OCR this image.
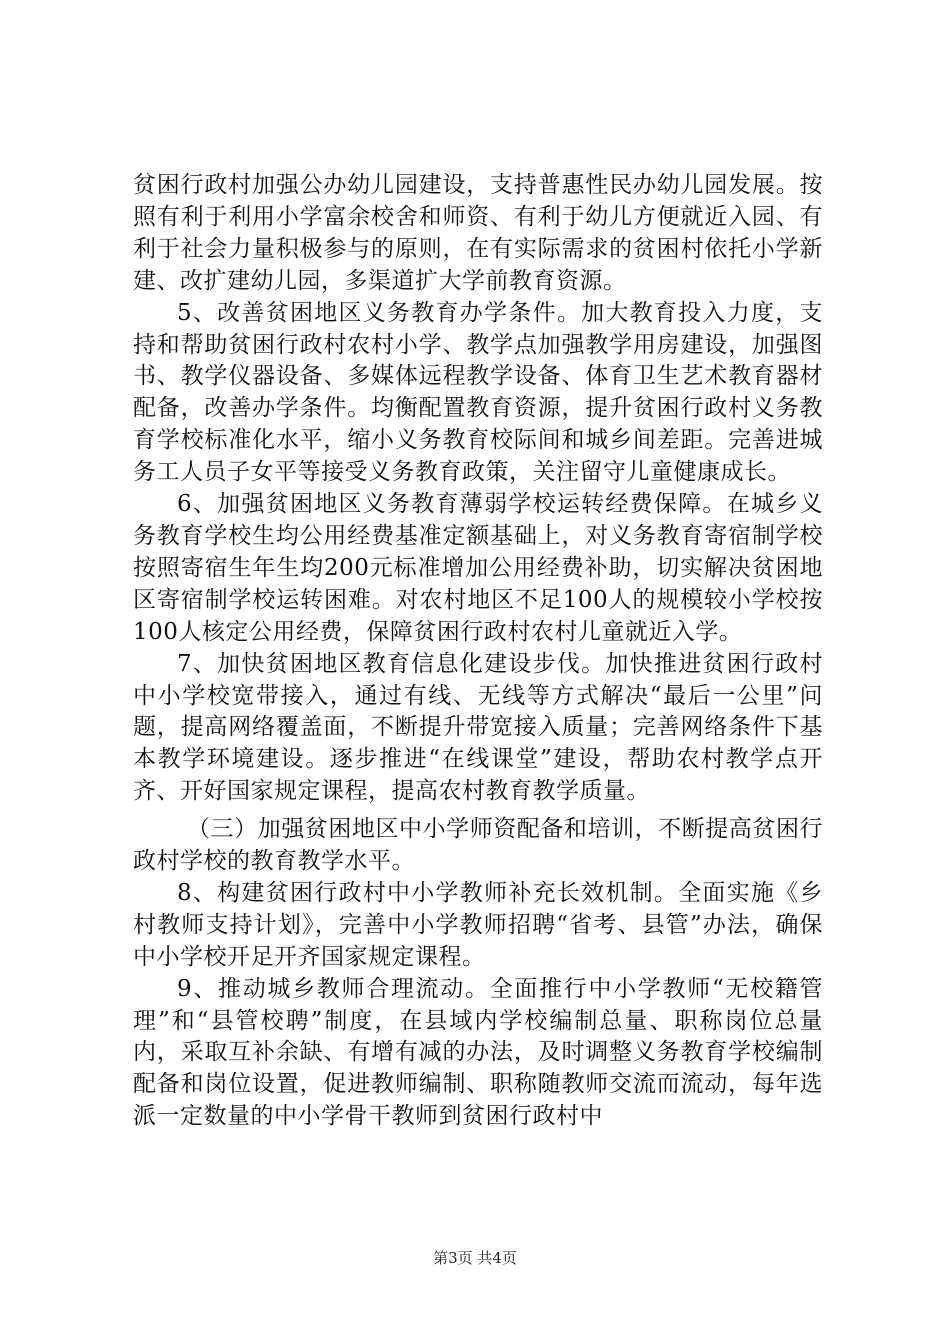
贫困行政村加强公办幼儿园建设，支持普惠性民办幼儿园发展。按照有利于利用小学富余校舍和师资、有利于幼儿方便就近入园、有利于社会力量积极参与的原则，在有实际需求的贫困村依托小学新建、改扩建幼儿园，多渠道扩大学前教育资源。

5、改善贫困地区义务教育办学条件。加大教育投入力度，支持和帮助贫困行政村农村小学、教学点加强教学用房建设，加强图书、教学仪器设备、多媒体远程教学设备、体育卫生艺术教育器材配备，改善办学条件。均衡配置教育资源，提升贫困行政村义务教育学校标准化水平，缩小义务教育校际间和城乡间差距。完善进城务工人员子女平等接受义务教育政策，关注留守儿童健康成长。

6、加强贫困地区义务教育薄弱学校运转经费保障。在城乡义务教育学校生均公用经费基准定额基础上，对义务教育寄宿制学校按照寄宿生年生均200元标准增加公用经费补助，切实解决贫困地区寄宿制学校运转困难。对农村地区不足100人的规模较小学校按100人核定公用经费，保障贫困行政村农村儿童就近入学。

7、加快贫困地区教育信息化建设步伐。加快推进贫困行政村中小学校宽带接入，通过有线、无线等方式解决“最后一公里”问题，提高网络覆盖面，不断提升带宽接入质量；完善网络条件下基本教学环境建设。逐步推进“在线课堂”建设，帮助农村教学点开齐、开好国家规定课程，提高农村教育教学质量。

（三）加强贫困地区中小学师资配备和培训，不断提高贫困行政村学校的教育教学水平。

8、构建贫困行政村中小学教师补充长效机制。全面实施《乡村教师支持计划》，完善中小学教师招聘“省考、县管”办法，确保中小学校开足开齐国家规定课程。

9、推动城乡教师合理流动。全面推行中小学教师“无校籍管理”和“县管校聘”制度，在县域内学校编制总量、职称岗位总量内，采取互补余缺、有增有减的办法，及时调整义务教育学校编制配备和岗位设置，促进教师编制、职称随教师交流而流动，每年选派一定数量的中小学骨干教师到贫困行政村中

第3页 共4页
